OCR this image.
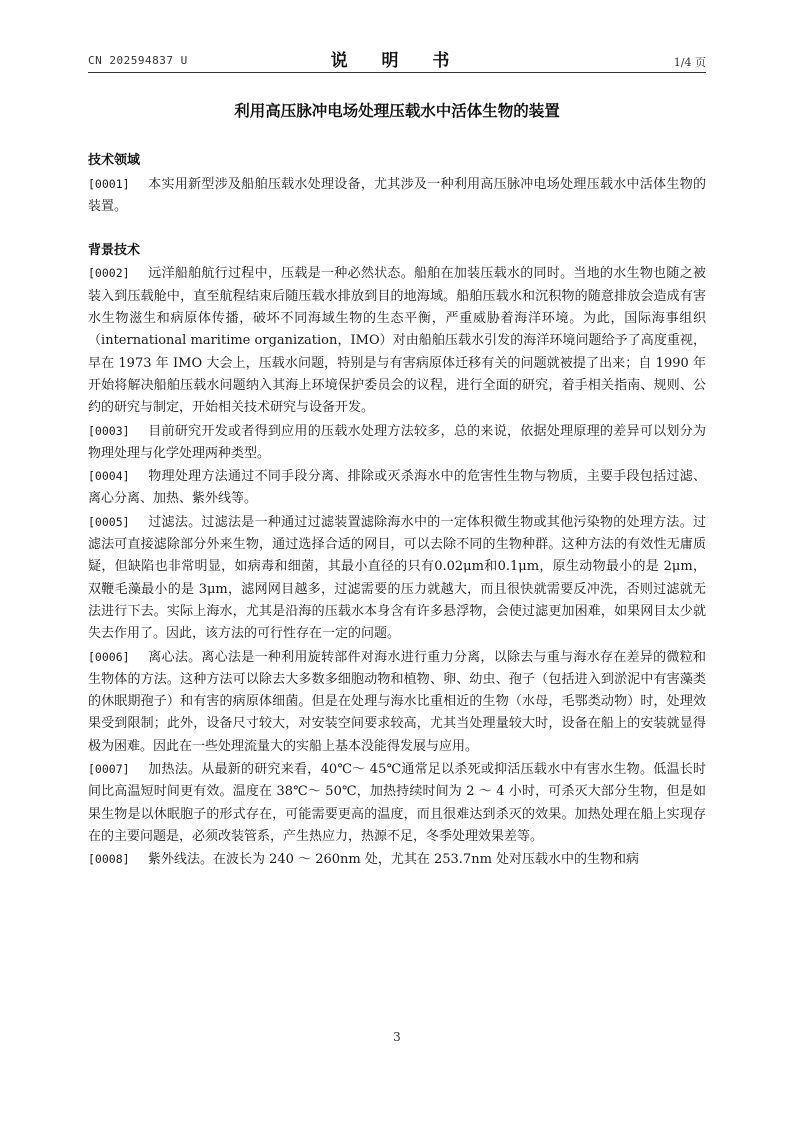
CN 202594837 U	说 明 书	1/4 页
利用高压脉冲电场处理压载水中活体生物的装置
技术领域

[0001] 本实用新型涉及船舶压载水处理设备，尤其涉及一种利用高压脉冲电场处理压载水中活体生物的装置。

背景技术

[0002] 远洋船舶航行过程中，压载是一种必然状态。船舶在加装压载水的同时。当地的水生物也随之被装入到压载舱中，直至航程结束后随压载水排放到目的地海域。船舶压载水和沉积物的随意排放会造成有害水生物滋生和病原体传播，破坏不同海域生物的生态平衡，严重威胁着海洋环境。为此，国际海事组织（international maritime organization，IMO）对由船舶压载水引发的海洋环境问题给予了高度重视，早在 1973 年 IMO 大会上，压载水问题，特别是与有害病原体迁移有关的问题就被提了出来；自 1990 年开始将解决船舶压载水问题纳入其海上环境保护委员会的议程，进行全面的研究，着手相关指南、规则、公约的研究与制定，开始相关技术研究与设备开发。

[0003] 目前研究开发或者得到应用的压载水处理方法较多，总的来说，依据处理原理的差异可以划分为物理处理与化学处理两种类型。

[0004] 物理处理方法通过不同手段分离、排除或灭杀海水中的危害性生物与物质，主要手段包括过滤、离心分离、加热、紫外线等。

[0005] 过滤法。过滤法是一种通过过滤装置滤除海水中的一定体积微生物或其他污染物的处理方法。过滤法可直接滤除部分外来生物，通过选择合适的网目，可以去除不同的生物种群。这种方法的有效性无庸质疑，但缺陷也非常明显，如病毒和细菌，其最小直径的只有0.02μm和0.1μm，原生动物最小的是 2μm，双鞭毛藻最小的是 3μm，滤网网目越多，过滤需要的压力就越大，而且很快就需要反冲洗，否则过滤就无法进行下去。实际上海水，尤其是沿海的压载水本身含有许多悬浮物，会使过滤更加困难，如果网目太少就失去作用了。因此，该方法的可行性存在一定的问题。

[0006] 离心法。离心法是一种利用旋转部件对海水进行重力分离，以除去与重与海水存在差异的微粒和生物体的方法。这种方法可以除去大多数多细胞动物和植物、卵、幼虫、孢子（包括进入到淤泥中有害藻类的休眠期孢子）和有害的病原体细菌。但是在处理与海水比重相近的生物（水母，毛鄂类动物）时，处理效果受到限制；此外，设备尺寸较大，对安装空间要求较高，尤其当处理量较大时，设备在船上的安装就显得极为困难。因此在一些处理流量大的实船上基本没能得发展与应用。

[0007] 加热法。从最新的研究来看，40℃～ 45℃通常足以杀死或抑活压载水中有害水生物。低温长时间比高温短时间更有效。温度在 38℃～ 50℃，加热持续时间为 2 ～ 4 小时，可杀灭大部分生物，但是如果生物是以休眠胞子的形式存在，可能需要更高的温度，而且很难达到杀灭的效果。加热处理在船上实现存在的主要问题是，必须改装管系，产生热应力，热源不足，冬季处理效果差等。

[0008] 紫外线法。在波长为 240 ～ 260nm 处，尤其在 253.7nm 处对压载水中的生物和病

3
